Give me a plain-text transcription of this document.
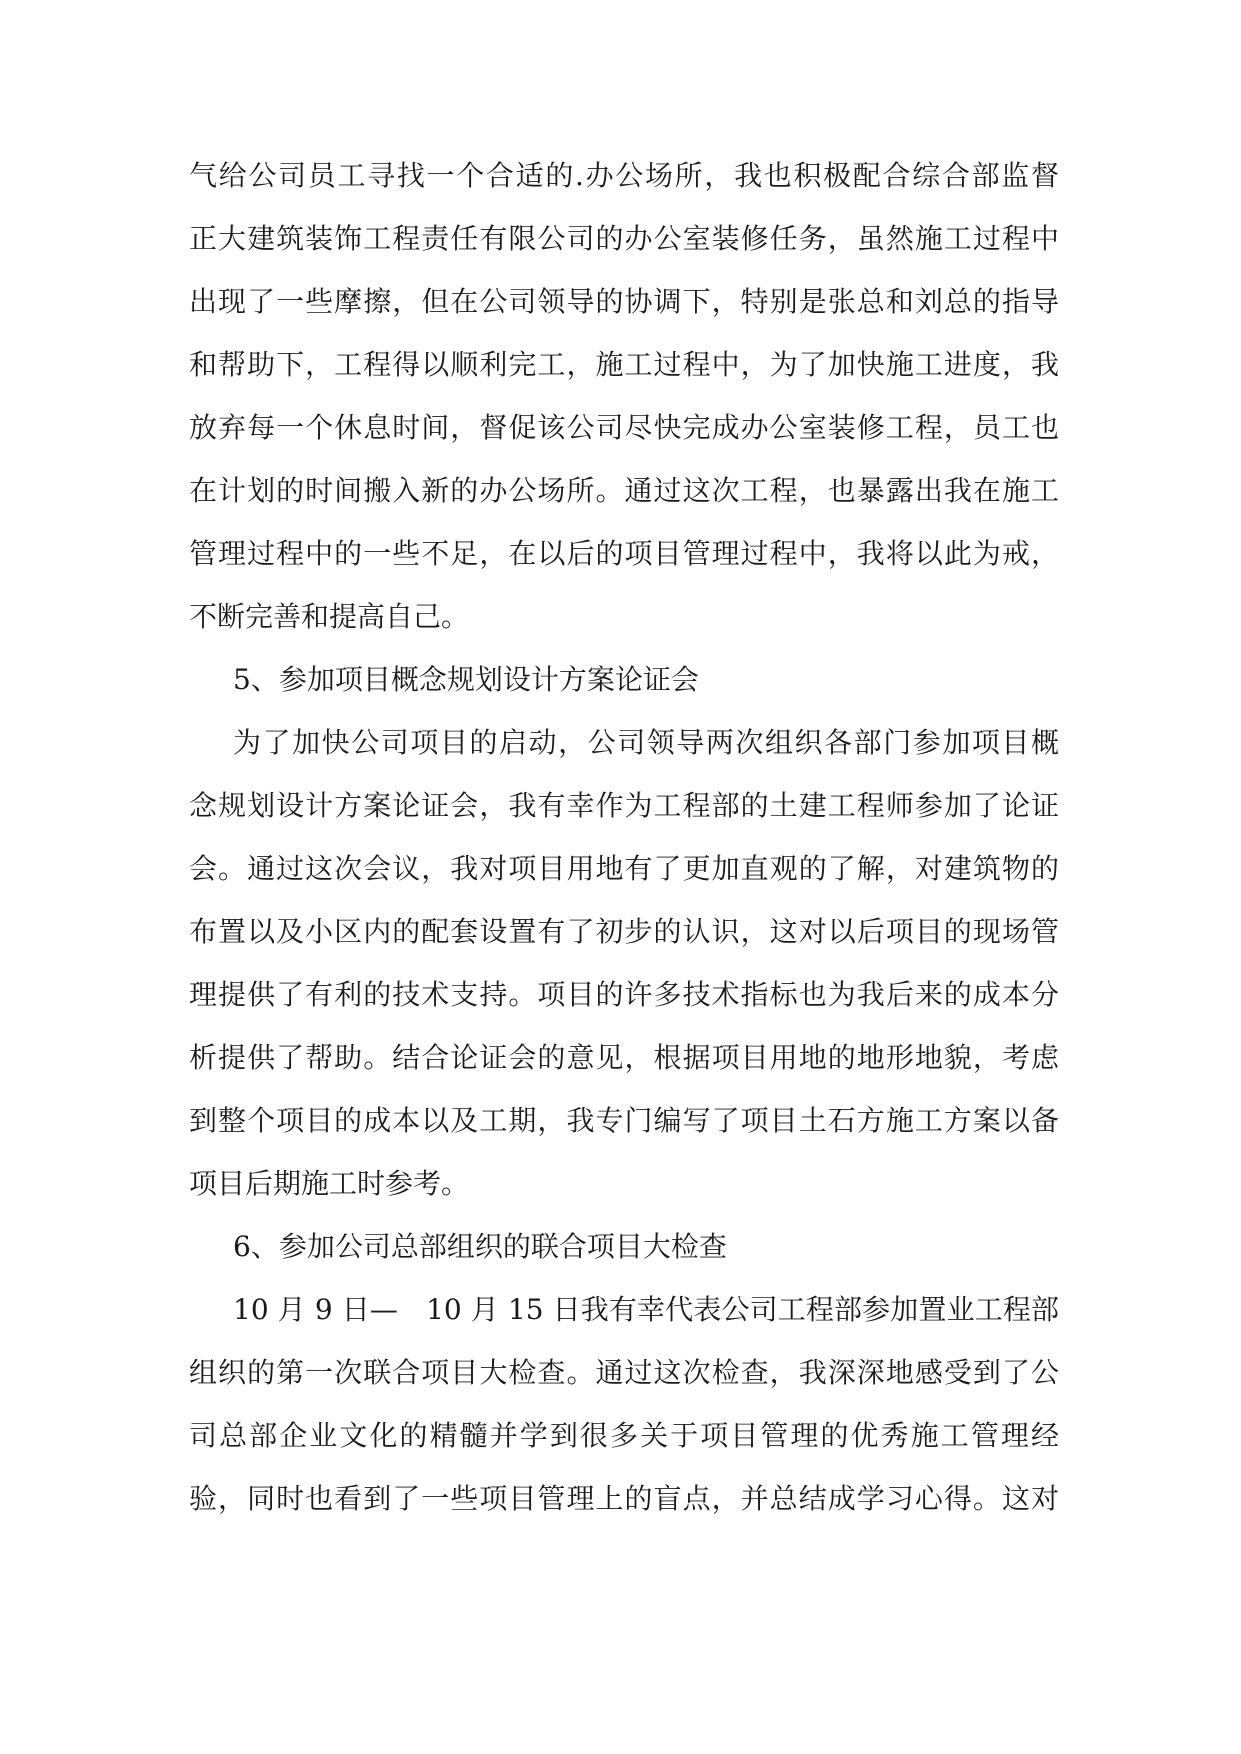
气给公司员工寻找一个合适的.办公场所，我也积极配合综合部监督
正大建筑装饰工程责任有限公司的办公室装修任务，虽然施工过程中
出现了一些摩擦，但在公司领导的协调下，特别是张总和刘总的指导
和帮助下，工程得以顺利完工，施工过程中，为了加快施工进度，我
放弃每一个休息时间，督促该公司尽快完成办公室装修工程，员工也
在计划的时间搬入新的办公场所。通过这次工程，也暴露出我在施工
管理过程中的一些不足，在以后的项目管理过程中，我将以此为戒，
不断完善和提高自己。
5、参加项目概念规划设计方案论证会
为了加快公司项目的启动，公司领导两次组织各部门参加项目概
念规划设计方案论证会，我有幸作为工程部的土建工程师参加了论证
会。通过这次会议，我对项目用地有了更加直观的了解，对建筑物的
布置以及小区内的配套设置有了初步的认识，这对以后项目的现场管
理提供了有利的技术支持。项目的许多技术指标也为我后来的成本分
析提供了帮助。结合论证会的意见，根据项目用地的地形地貌，考虑
到整个项目的成本以及工期，我专门编写了项目土石方施工方案以备
项目后期施工时参考。
6、参加公司总部组织的联合项目大检查
10 月 9 日—　10 月 15 日我有幸代表公司工程部参加置业工程部
组织的第一次联合项目大检查。通过这次检查，我深深地感受到了公
司总部企业文化的精髓并学到很多关于项目管理的优秀施工管理经
验，同时也看到了一些项目管理上的盲点，并总结成学习心得。这对
